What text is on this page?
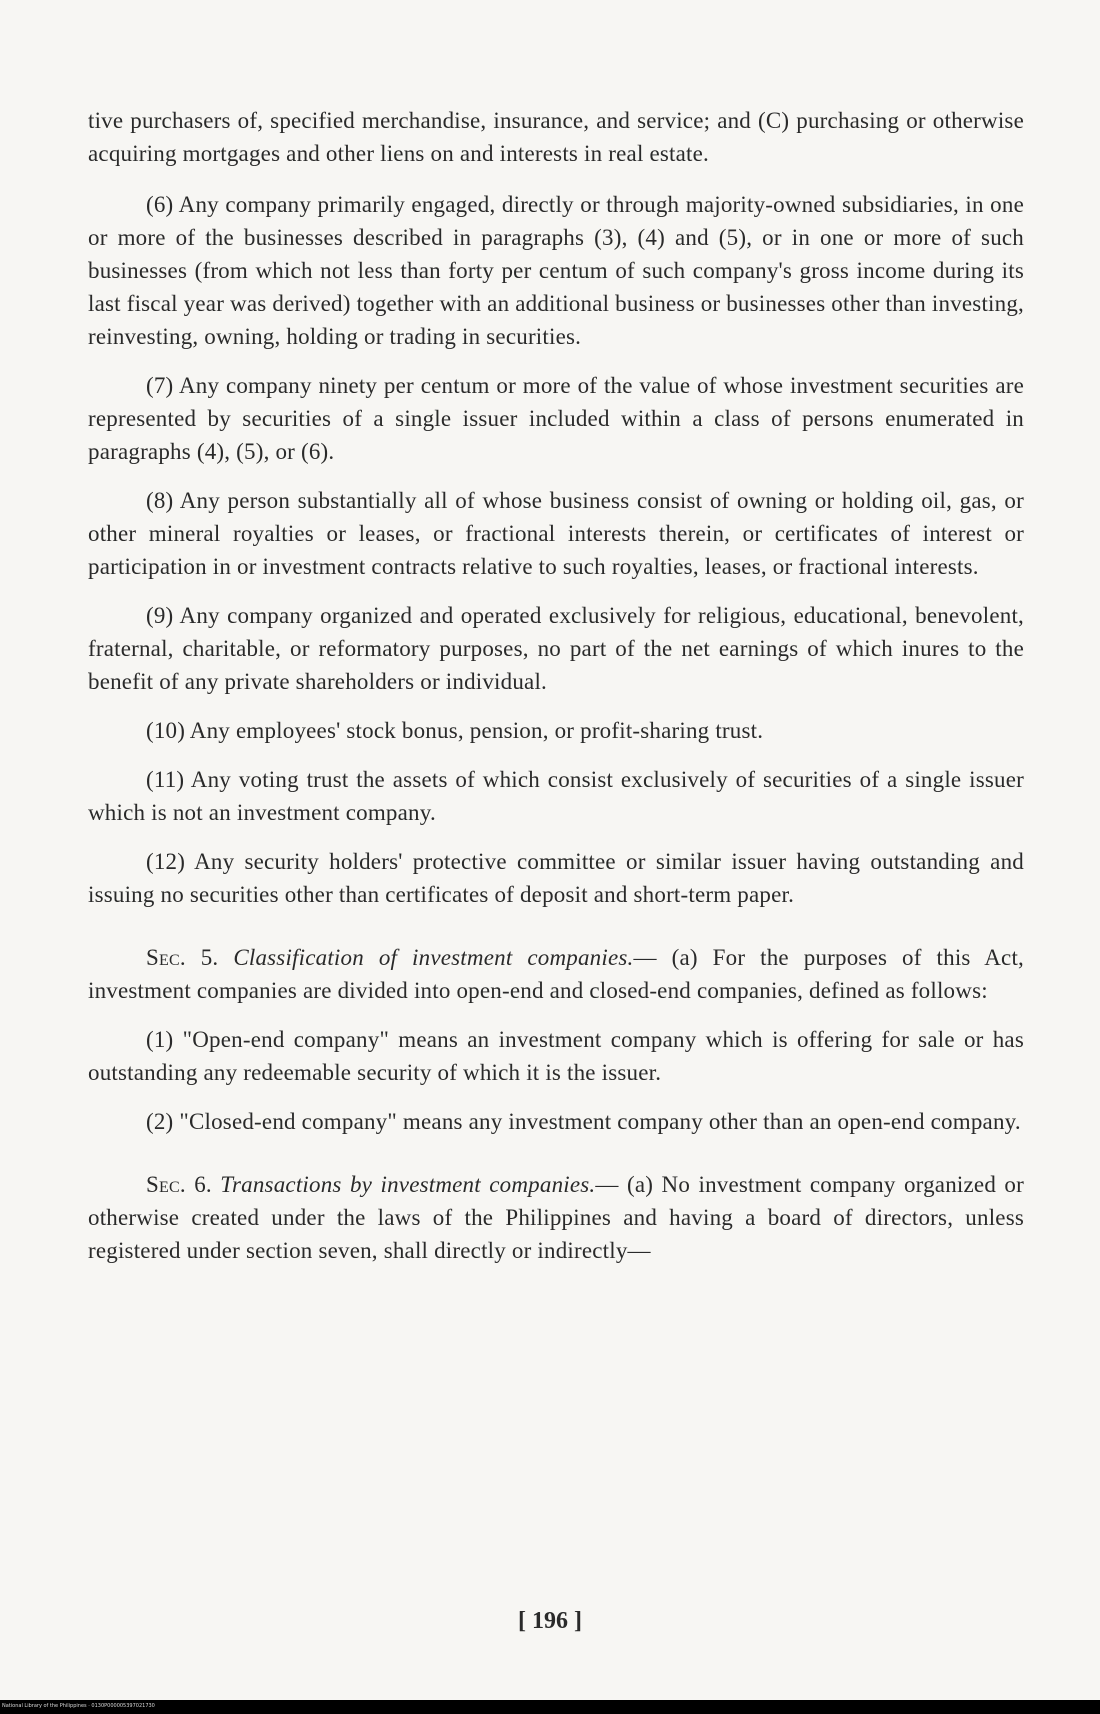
tive purchasers of, specified merchandise, insurance, and service; and (C) purchasing or otherwise acquiring mortgages and other liens on and interests in real estate.

(6) Any company primarily engaged, directly or through majority-owned subsidiaries, in one or more of the businesses described in paragraphs (3), (4) and (5), or in one or more of such businesses (from which not less than forty per centum of such company's gross income during its last fiscal year was derived) together with an additional business or businesses other than investing, reinvesting, owning, holding or trading in securities.

(7) Any company ninety per centum or more of the value of whose investment securities are represented by securities of a single issuer included within a class of persons enumerated in paragraphs (4), (5), or (6).

(8) Any person substantially all of whose business consist of owning or holding oil, gas, or other mineral royalties or leases, or fractional interests therein, or certificates of interest or participation in or investment contracts relative to such royalties, leases, or fractional interests.

(9) Any company organized and operated exclusively for religious, educational, benevolent, fraternal, charitable, or reformatory purposes, no part of the net earnings of which inures to the benefit of any private shareholders or individual.

(10) Any employees' stock bonus, pension, or profit-sharing trust.

(11) Any voting trust the assets of which consist exclusively of securities of a single issuer which is not an investment company.

(12) Any security holders' protective committee or similar issuer having outstanding and issuing no securities other than certificates of deposit and short-term paper.

Sec. 5. Classification of investment companies.— (a) For the purposes of this Act, investment companies are divided into open-end and closed-end companies, defined as follows:

(1) "Open-end company" means an investment company which is offering for sale or has outstanding any redeemable security of which it is the issuer.

(2) "Closed-end company" means any investment company other than an open-end company.

Sec. 6. Transactions by investment companies.— (a) No investment company organized or otherwise created under the laws of the Philippines and having a board of directors, unless registered under section seven, shall directly or indirectly—

[ 196 ]
National Library of the Philippines · 0130P000005397021730
